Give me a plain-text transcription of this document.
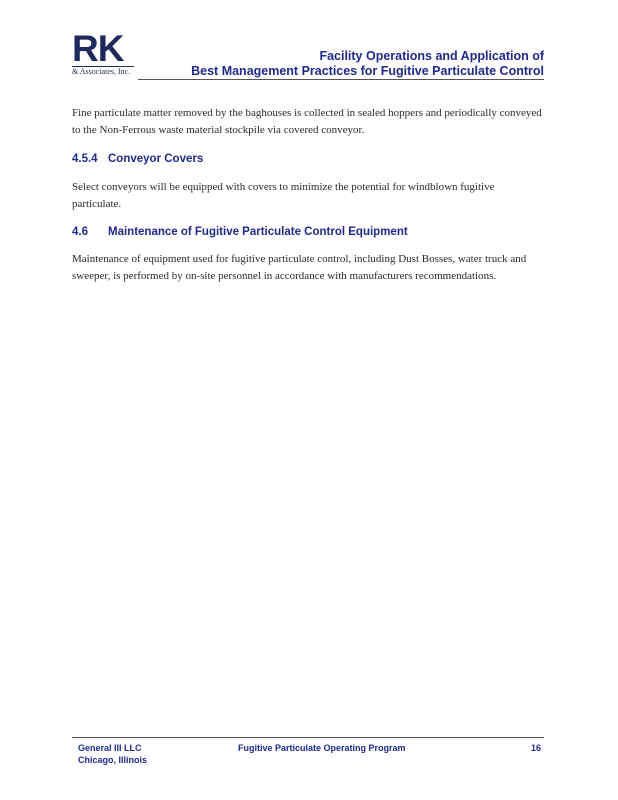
RK
& Associates, Inc.
Facility Operations and Application of
Best Management Practices for Fugitive Particulate Control
Fine particulate matter removed by the baghouses is collected in sealed hoppers and periodically conveyed to the Non-Ferrous waste material stockpile via covered conveyor.
4.5.4 Conveyor Covers
Select conveyors will be equipped with covers to minimize the potential for windblown fugitive particulate.
4.6 Maintenance of Fugitive Particulate Control Equipment
Maintenance of equipment used for fugitive particulate control, including Dust Bosses, water truck and sweeper, is performed by on-site personnel in accordance with manufacturers recommendations.
General III LLC
Chicago, Illinois
Fugitive Particulate Operating Program	16
